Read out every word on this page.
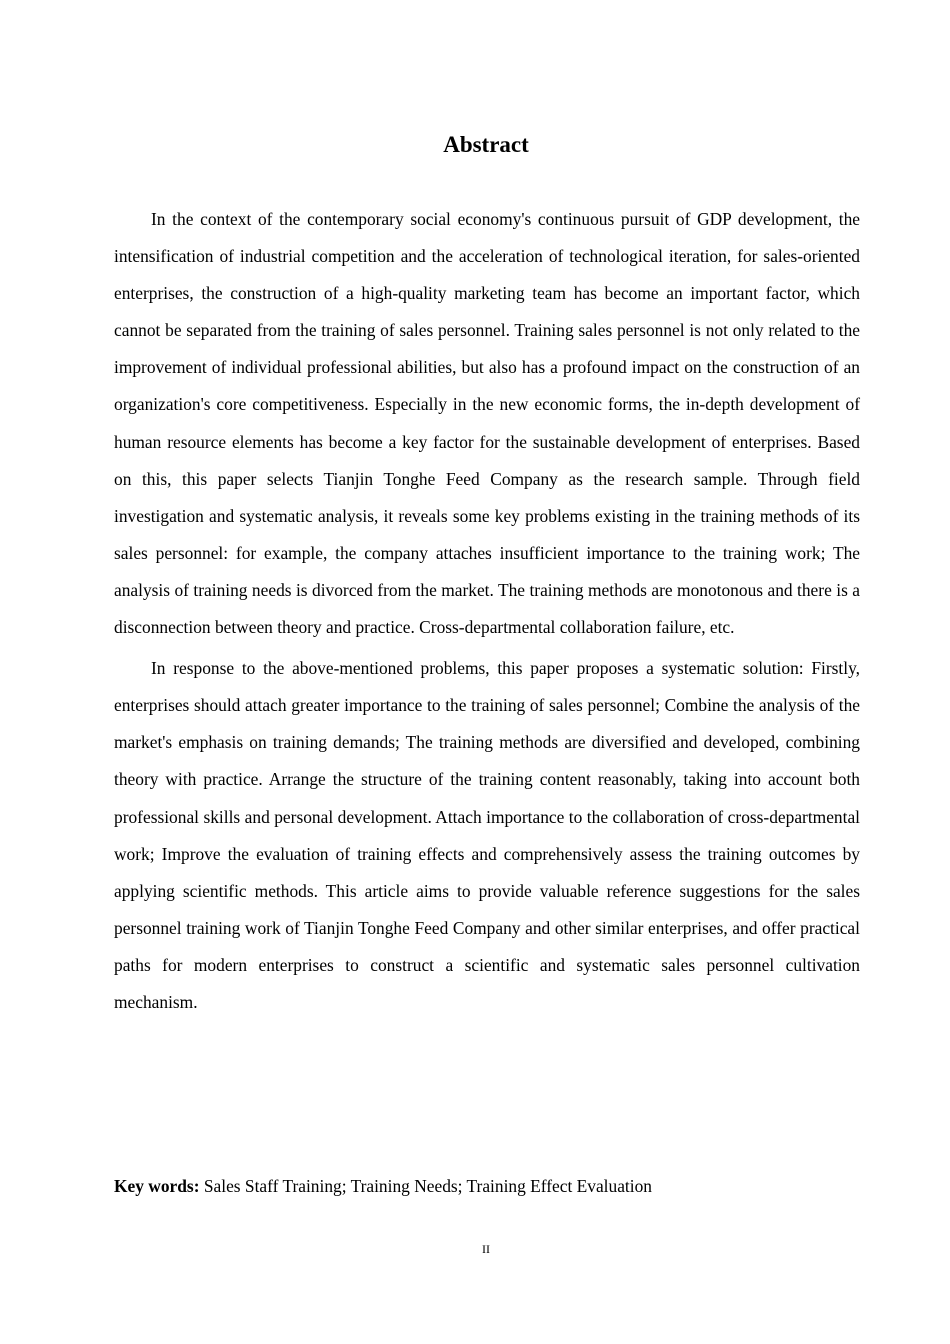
Abstract

In the context of the contemporary social economy's continuous pursuit of GDP development, the intensification of industrial competition and the acceleration of technological iteration, for sales-oriented enterprises, the construction of a high-quality marketing team has become an important factor, which cannot be separated from the training of sales personnel. Training sales personnel is not only related to the improvement of individual professional abilities, but also has a profound impact on the construction of an organization's core competitiveness. Especially in the new economic forms, the in-depth development of human resource elements has become a key factor for the sustainable development of enterprises. Based on this, this paper selects Tianjin Tonghe Feed Company as the research sample. Through field investigation and systematic analysis, it reveals some key problems existing in the training methods of its sales personnel: for example, the company attaches insufficient importance to the training work; The analysis of training needs is divorced from the market. The training methods are monotonous and there is a disconnection between theory and practice. Cross-departmental collaboration failure, etc.

In response to the above-mentioned problems, this paper proposes a systematic solution: Firstly, enterprises should attach greater importance to the training of sales personnel; Combine the analysis of the market's emphasis on training demands; The training methods are diversified and developed, combining theory with practice. Arrange the structure of the training content reasonably, taking into account both professional skills and personal development. Attach importance to the collaboration of cross-departmental work; Improve the evaluation of training effects and comprehensively assess the training outcomes by applying scientific methods. This article aims to provide valuable reference suggestions for the sales personnel training work of Tianjin Tonghe Feed Company and other similar enterprises, and offer practical paths for modern enterprises to construct a scientific and systematic sales personnel cultivation mechanism.

Key words: Sales Staff Training; Training Needs; Training Effect Evaluation
II
